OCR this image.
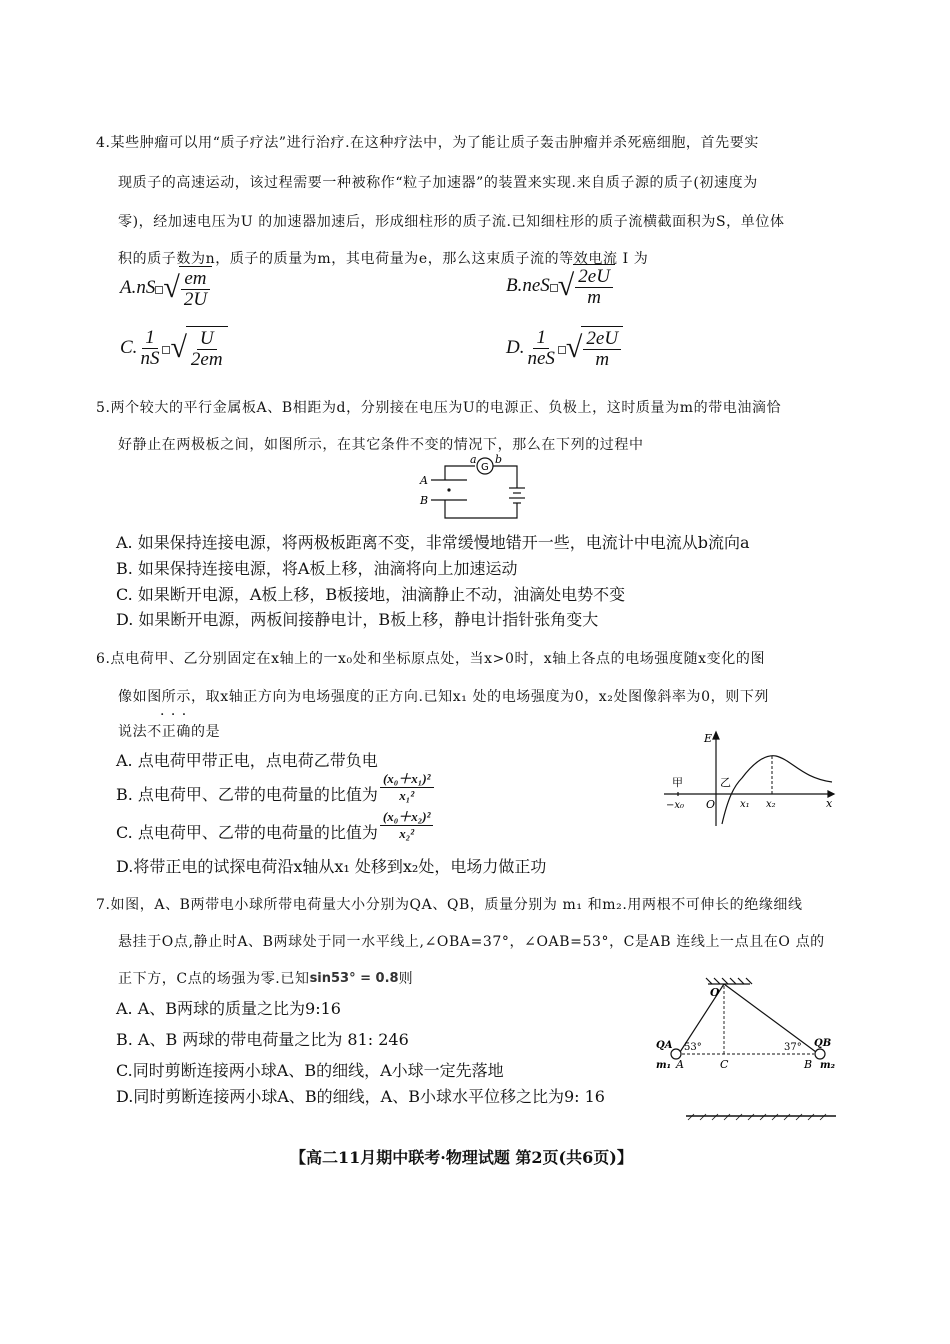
4.某些肿瘤可以用“质子疗法”进行治疗.在这种疗法中，为了能让质子轰击肿瘤并杀死癌细胞，首先要实
现质子的高速运动，该过程需要一种被称作“粒子加速器”的装置来实现.来自质子源的质子(初速度为
零)，经加速电压为U 的加速器加速后，形成细柱形的质子流.已知细柱形的质子流横截面积为S，单位体
积的质子数为n，质子的质量为m，其电荷量为e，那么这束质子流的等效电流 I 为
A. nS √ $\frac{em}{2U}$	B. neS √ $\frac{2eU}{m}$
C. $\frac{1}{nS}$ √ $\frac{U}{2em}$	D. $\frac{1}{\text{neS}}$ √ $\frac{2eU}{m}$
5.两个较大的平行金属板A、B相距为d，分别接在电压为U的电源正、负极上，这时质量为m的带电油滴恰
好静止在两极板之间，如图所示，在其它条件不变的情况下，那么在下列的过程中
A
B
a b
G
A. 如果保持连接电源，将两极板距离不变，非常缓慢地错开一些，电流计中电流从b流向a
B. 如果保持连接电源，将A板上移，油滴将向上加速运动
C. 如果断开电源，A板上移，B板接地，油滴静止不动，油滴处电势不变
D. 如果断开电源，两板间接静电计，B板上移，静电计指针张角变大
6.点电荷甲、乙分别固定在x轴上的一x₀处和坐标原点处，当x>0时，x轴上各点的电场强度随x变化的图
像如图所示，取x轴正方向为电场强度的正方向.已知x₁ 处的电场强度为0，x₂处图像斜率为0，则下列
· · ·
说法不正确的是
A. 点电荷甲带正电，点电荷乙带负电
B. 点电荷甲、乙带的电荷量的比值为 $\frac{\text{(x₀＋x₁)²}}{\text{x₁²}}$
C. 点电荷甲、乙带的电荷量的比值为 $\frac{\text{(x₀＋x₂)²}}{\text{x₂²}}$
D.将带正电的试探电荷沿x轴从x₁ 处移到x₂处，电场力做正功
E
甲	乙
O
−x₀	x₁ x₂	x
7.如图，A、B两带电小球所带电荷量大小分别为QA、QB，质量分别为 m₁ 和m₂.用两根不可伸长的绝缘细线
悬挂于O点,静止时A、B两球处于同一水平线上,∠OBA=37°，∠OAB=53°，C是AB 连线上一点且在O 点的
正下方，C点的场强为零.已知 sin53° = 0.8 则
A. A、B两球的质量之比为9:16
B. A、B 两球的带电荷量之比为 81: 246
C.同时剪断连接两小球A、B的细线，A小球一定先落地
D.同时剪断连接两小球A、B的细线，A、B小球水平位移之比为9: 16
O
QA	QB
53°	37°
m₁ A	C	B m₂
【高二11月期中联考·物理试题 第2页(共6页)】
